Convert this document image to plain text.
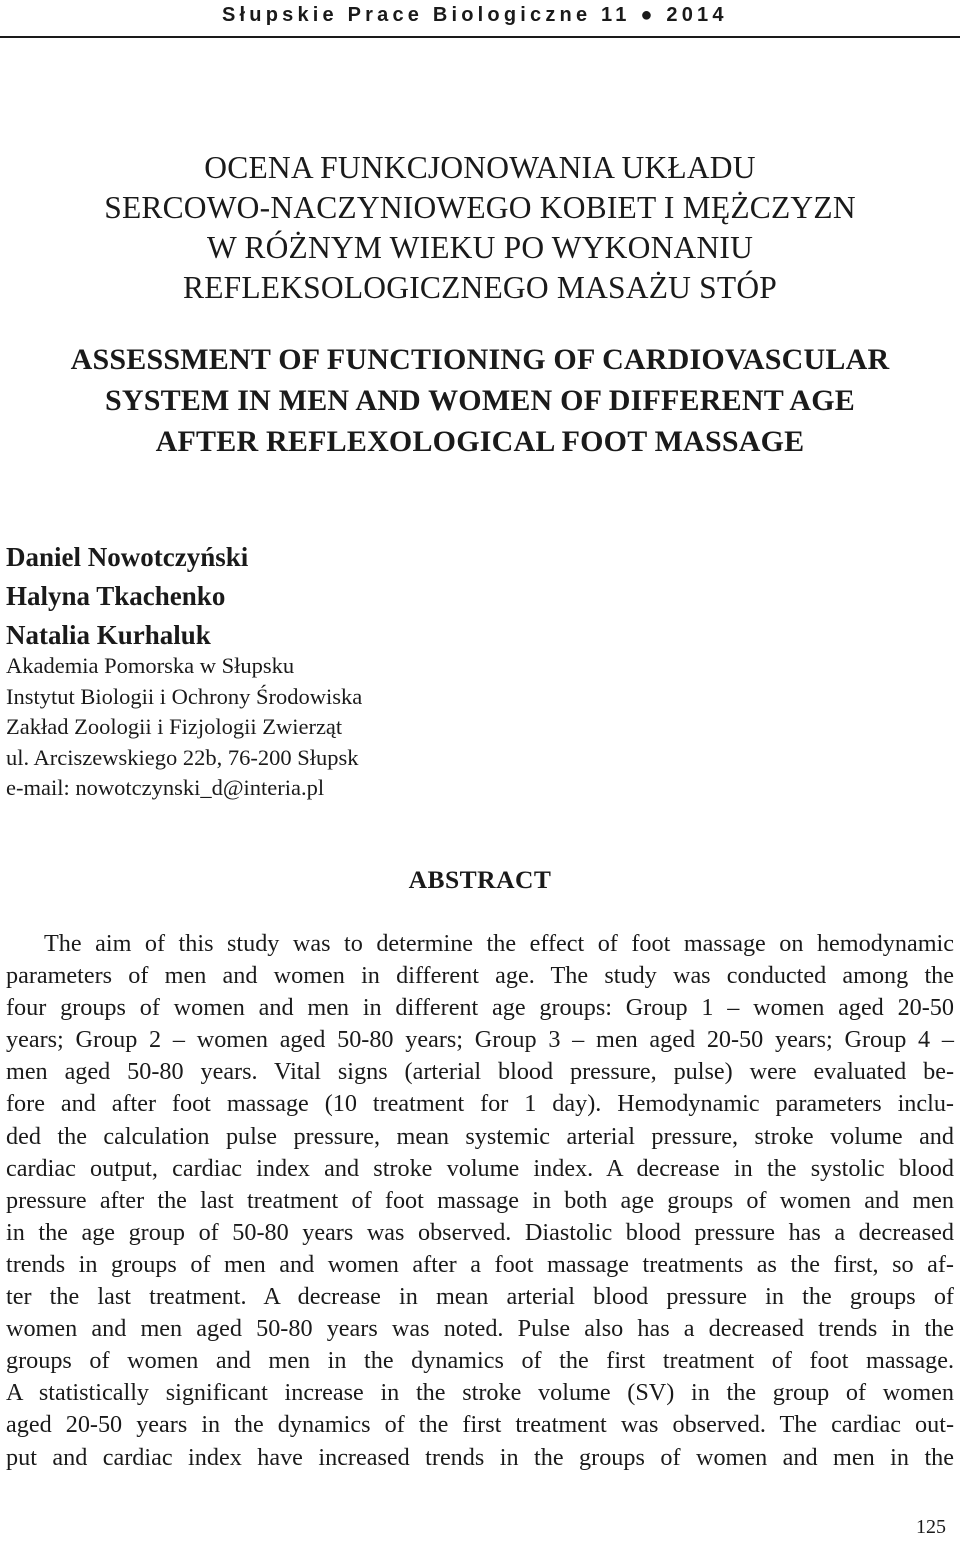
Słupskie Prace Biologiczne 11 ● 2014
OCENA FUNKCJONOWANIA UKŁADU
SERCOWO-NACZYNIOWEGO KOBIET I MĘŻCZYZN
W RÓŻNYM WIEKU PO WYKONANIU
REFLEKSOLOGICZNEGO MASAŻU STÓP
ASSESSMENT OF FUNCTIONING OF CARDIOVASCULAR
SYSTEM IN MEN AND WOMEN OF DIFFERENT AGE
AFTER REFLEXOLOGICAL FOOT MASSAGE
Daniel Nowotczyński
Halyna Tkachenko
Natalia Kurhaluk
Akademia Pomorska w Słupsku
Instytut Biologii i Ochrony Środowiska
Zakład Zoologii i Fizjologii Zwierząt
ul. Arciszewskiego 22b, 76-200 Słupsk
e-mail: nowotczynski_d@interia.pl
ABSTRACT
The aim of this study was to determine the effect of foot massage on hemodynamic
parameters of men and women in different age. The study was conducted among the
four groups of women and men in different age groups: Group 1 – women aged 20-50
years; Group 2 – women aged 50-80 years; Group 3 – men aged 20-50 years; Group 4 –
men aged 50-80 years. Vital signs (arterial blood pressure, pulse) were evaluated be-
fore and after foot massage (10 treatment for 1 day). Hemodynamic parameters inclu-
ded the calculation pulse pressure, mean systemic arterial pressure, stroke volume and
cardiac output, cardiac index and stroke volume index. A decrease in the systolic blood
pressure after the last treatment of foot massage in both age groups of women and men
in the age group of 50-80 years was observed. Diastolic blood pressure has a decreased
trends in groups of men and women after a foot massage treatments as the first, so af-
ter the last treatment. A decrease in mean arterial blood pressure in the groups of
women and men aged 50-80 years was noted. Pulse also has a decreased trends in the
groups of women and men in the dynamics of the first treatment of foot massage.
A statistically significant increase in the stroke volume (SV) in the group of women
aged 20-50 years in the dynamics of the first treatment was observed. The cardiac out-
put and cardiac index have increased trends in the groups of women and men in the
125
